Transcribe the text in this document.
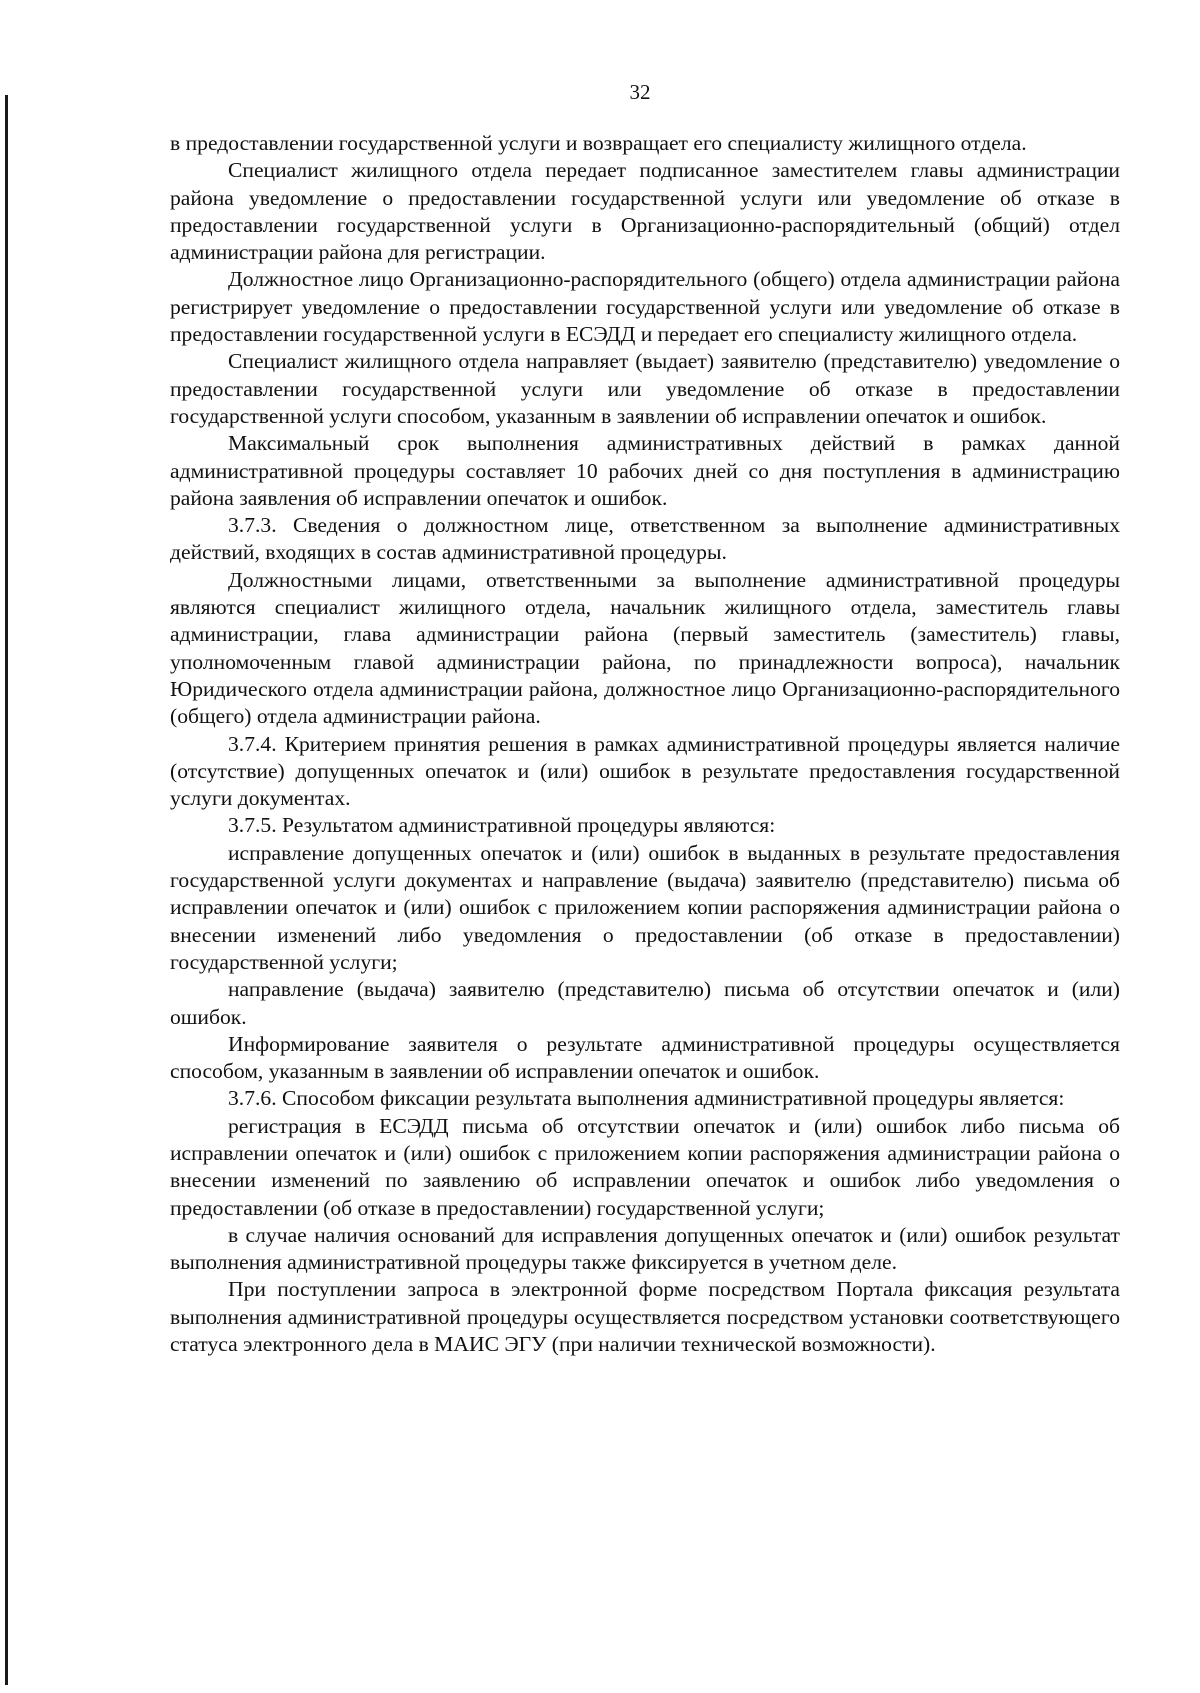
32

в предоставлении государственной услуги и возвращает его специалисту жилищного отдела.

Специалист жилищного отдела передает подписанное заместителем главы администрации района уведомление о предоставлении государственной услуги или уведомление об отказе в предоставлении государственной услуги в Организационно-распорядительный (общий) отдел администрации района для регистрации.

Должностное лицо Организационно-распорядительного (общего) отдела администрации района регистрирует уведомление о предоставлении государственной услуги или уведомление об отказе в предоставлении государственной услуги в ЕСЭДД и передает его специалисту жилищного отдела.

Специалист жилищного отдела направляет (выдает) заявителю (представителю) уведомление о предоставлении государственной услуги или уведомление об отказе в предоставлении государственной услуги способом, указанным в заявлении об исправлении опечаток и ошибок.

Максимальный срок выполнения административных действий в рамках данной административной процедуры составляет 10 рабочих дней со дня поступления в администрацию района заявления об исправлении опечаток и ошибок.

3.7.3. Сведения о должностном лице, ответственном за выполнение административных действий, входящих в состав административной процедуры.

Должностными лицами, ответственными за выполнение административной процедуры являются специалист жилищного отдела, начальник жилищного отдела, заместитель главы администрации, глава администрации района (первый заместитель (заместитель) главы, уполномоченным главой администрации района, по принадлежности вопроса), начальник Юридического отдела администрации района, должностное лицо Организационно-распорядительного (общего) отдела администрации района.

3.7.4. Критерием принятия решения в рамках административной процедуры является наличие (отсутствие) допущенных опечаток и (или) ошибок в результате предоставления государственной услуги документах.

3.7.5. Результатом административной процедуры являются:

исправление допущенных опечаток и (или) ошибок в выданных в результате предоставления государственной услуги документах и направление (выдача) заявителю (представителю) письма об исправлении опечаток и (или) ошибок с приложением копии распоряжения администрации района о внесении изменений либо уведомления о предоставлении (об отказе в предоставлении) государственной услуги;

направление (выдача) заявителю (представителю) письма об отсутствии опечаток и (или) ошибок.

Информирование заявителя о результате административной процедуры осуществляется способом, указанным в заявлении об исправлении опечаток и ошибок.

3.7.6. Способом фиксации результата выполнения административной процедуры является:

регистрация в ЕСЭДД письма об отсутствии опечаток и (или) ошибок либо письма об исправлении опечаток и (или) ошибок с приложением копии распоряжения администрации района о внесении изменений по заявлению об исправлении опечаток и ошибок либо уведомления о предоставлении (об отказе в предоставлении) государственной услуги;

в случае наличия оснований для исправления допущенных опечаток и (или) ошибок результат выполнения административной процедуры также фиксируется в учетном деле.

При поступлении запроса в электронной форме посредством Портала фиксация результата выполнения административной процедуры осуществляется посредством установки соответствующего статуса электронного дела в МАИС ЭГУ (при наличии технической возможности).
